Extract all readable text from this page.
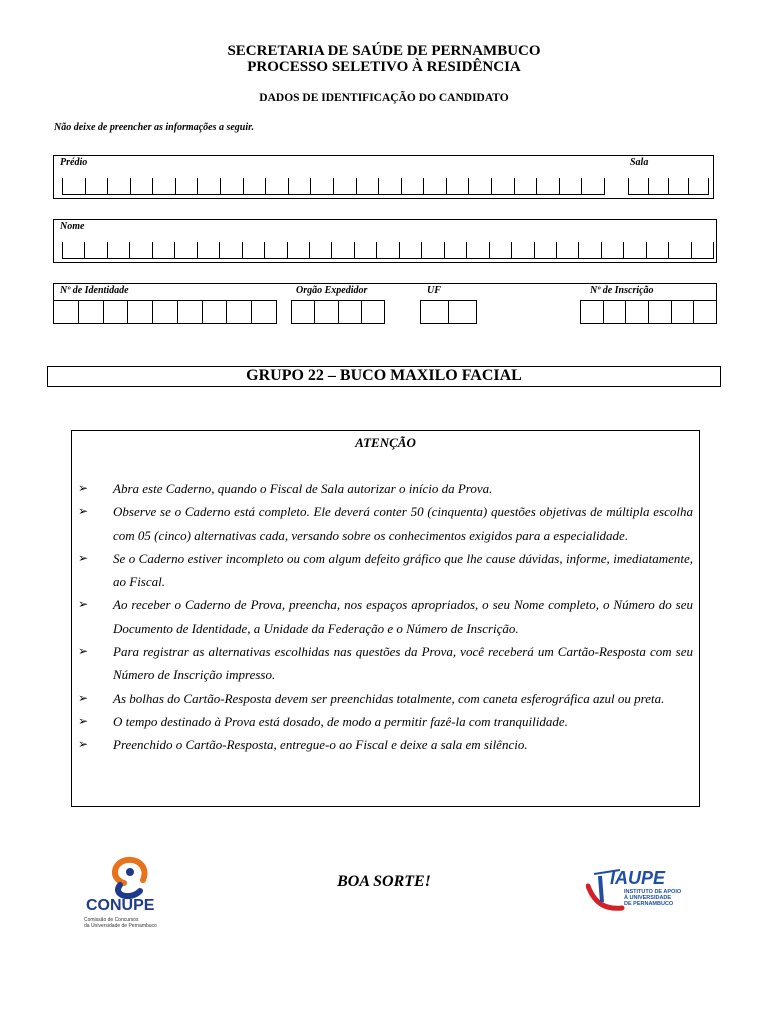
SECRETARIA DE SAÚDE DE PERNAMBUCO
PROCESSO SELETIVO À RESIDÊNCIA
DADOS DE IDENTIFICAÇÃO DO CANDIDATO
Não deixe de preencher as informações a seguir.
Prédio	Sala
Nome
Nº de Identidade	Orgão Expedidor	UF	Nº de Inscrição
GRUPO 22 – BUCO MAXILO FACIAL
ATENÇÃO
➢ Abra este Caderno, quando o Fiscal de Sala autorizar o início da Prova.
➢ Observe se o Caderno está completo. Ele deverá conter 50 (cinquenta) questões objetivas de múltipla escolha com 05 (cinco) alternativas cada, versando sobre os conhecimentos exigidos para a especialidade.
➢ Se o Caderno estiver incompleto ou com algum defeito gráfico que lhe cause dúvidas, informe, imediatamente, ao Fiscal.
➢ Ao receber o Caderno de Prova, preencha, nos espaços apropriados, o seu Nome completo, o Número do seu Documento de Identidade, a Unidade da Federação e o Número de Inscrição.
➢ Para registrar as alternativas escolhidas nas questões da Prova, você receberá um Cartão-Resposta com seu Número de Inscrição impresso.
➢ As bolhas do Cartão-Resposta devem ser preenchidas totalmente, com caneta esferográfica azul ou preta.
➢ O tempo destinado à Prova está dosado, de modo a permitir fazê-la com tranquilidade.
➢ Preenchido o Cartão-Resposta, entregue-o ao Fiscal e deixe a sala em silêncio.
BOA SORTE!
CONUPE
Comissão de Concursos
da Universidade de Pernambuco
IAUPE
INSTITUTO DE APOIO
À UNIVERSIDADE
DE PERNAMBUCO
